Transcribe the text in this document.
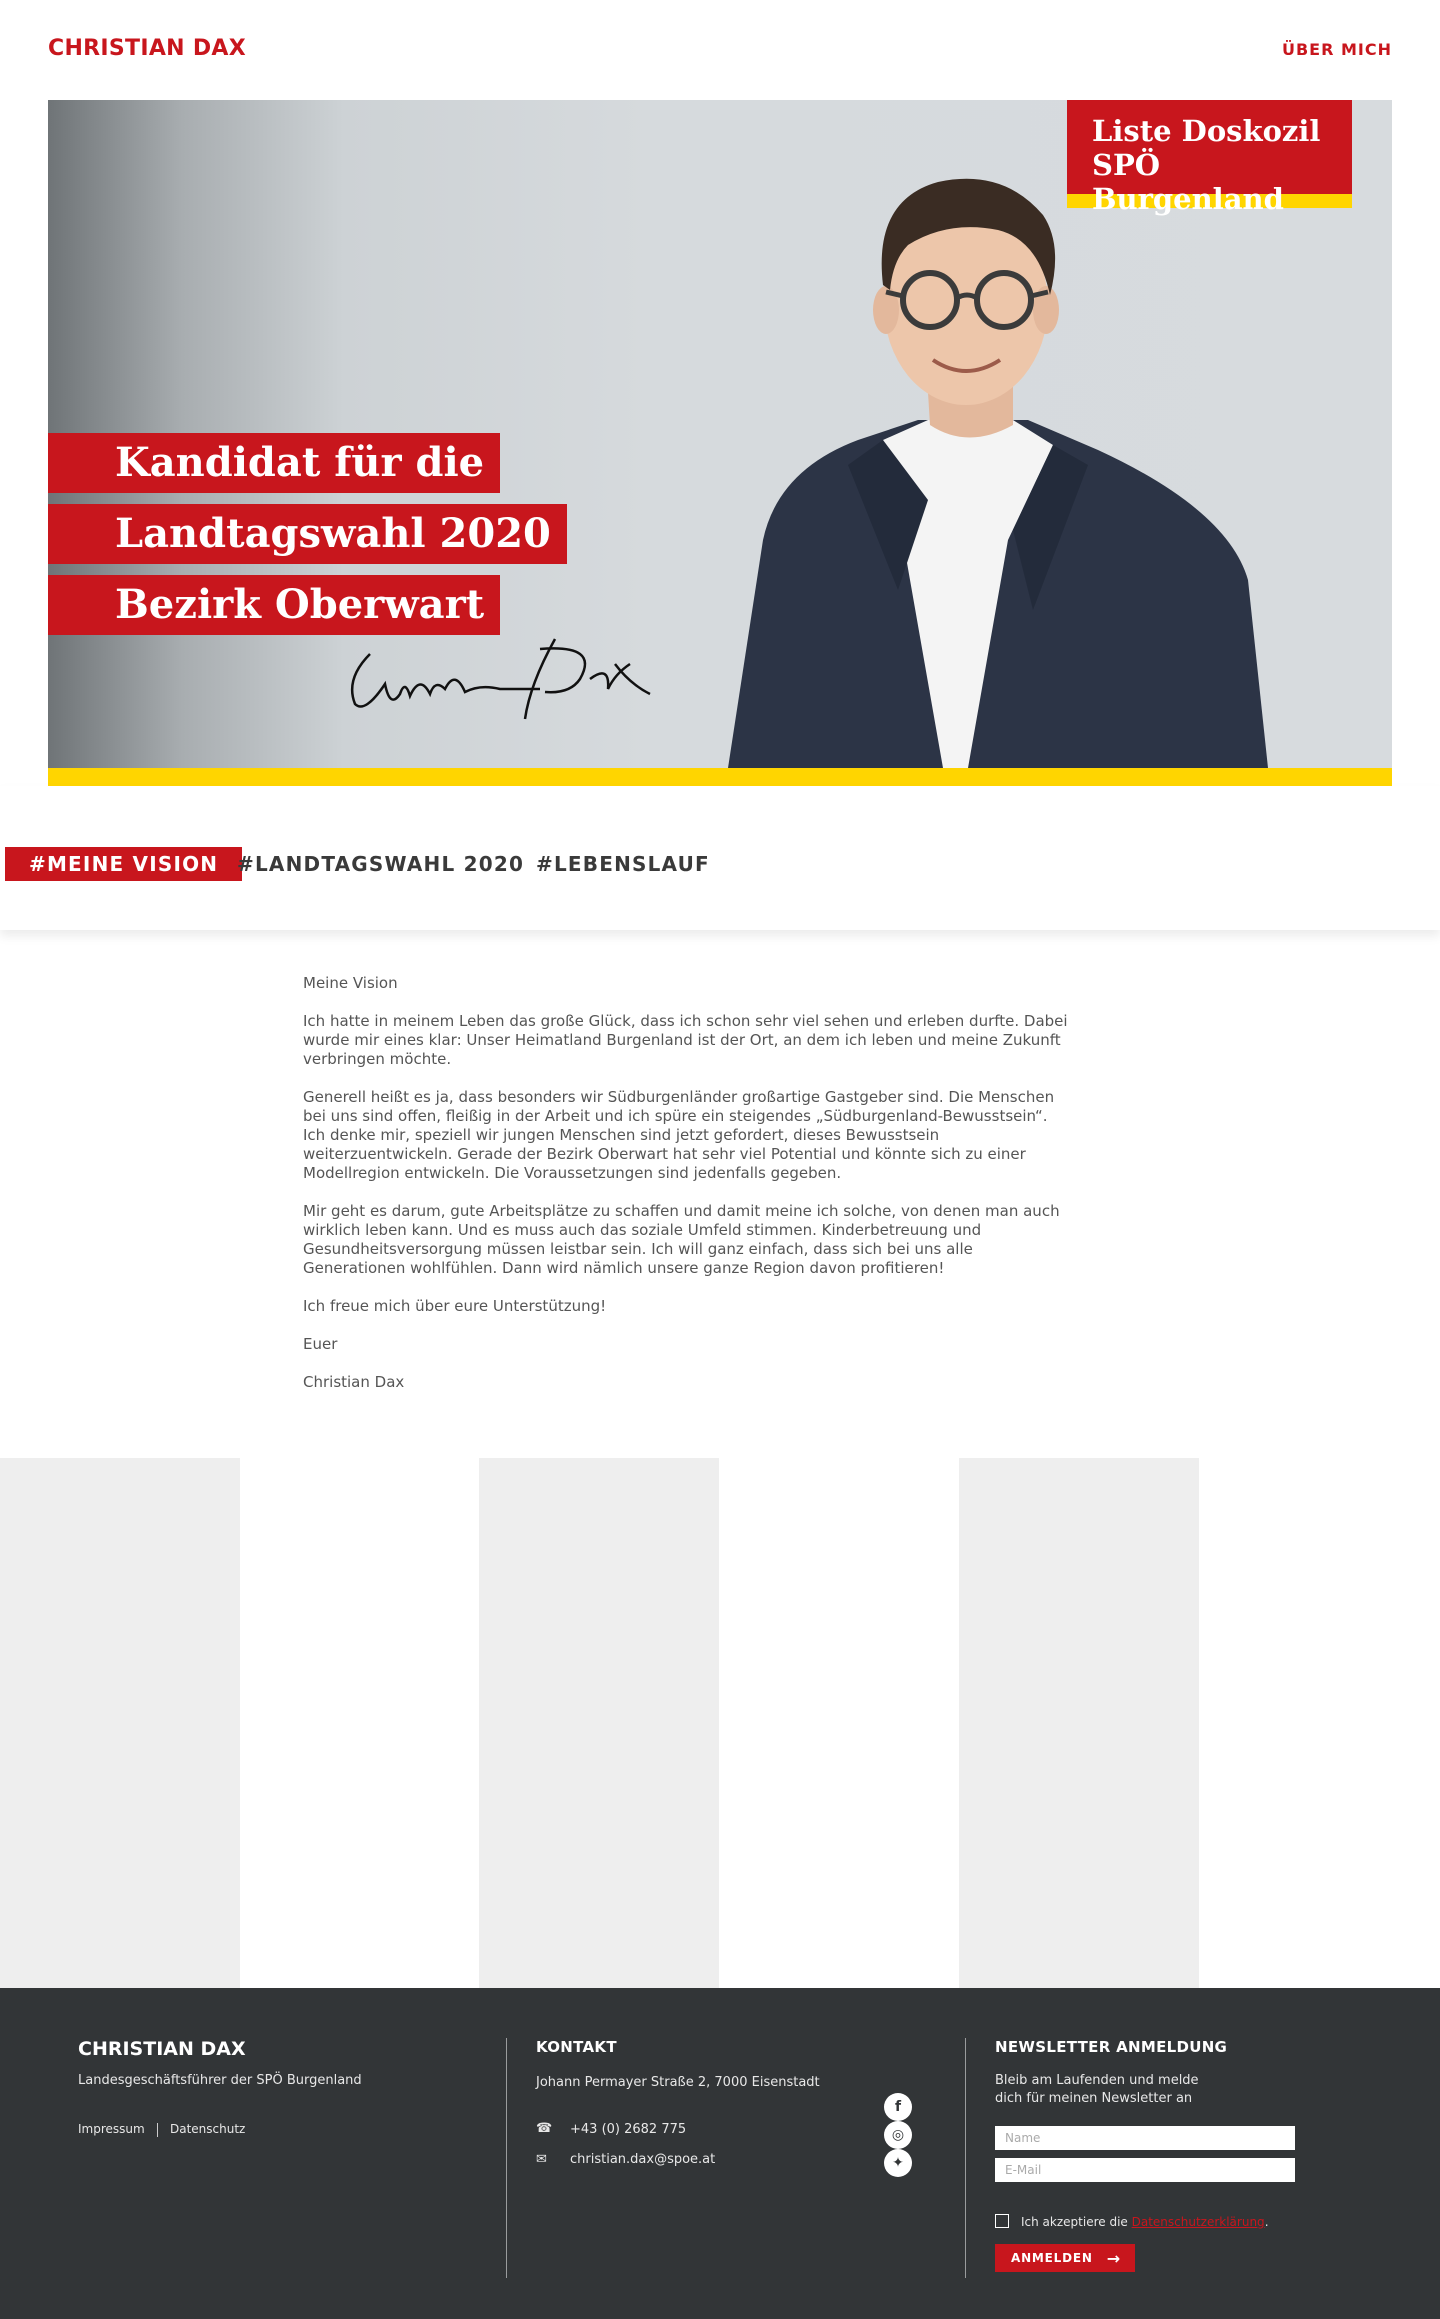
CHRISTIAN DAX	ÜBER MICH
Kandidat für die
Landtagswahl 2020
Bezirk Oberwart
Liste Doskozil
SPÖ Burgenland
#MEINE VISION #LANDTAGSWAHL 2020 #LEBENSLAUF

Meine Vision

Ich hatte in meinem Leben das große Glück, dass ich schon sehr viel sehen und erleben durfte. Dabei wurde mir eines klar: Unser Heimatland Burgenland ist der Ort, an dem ich leben und meine Zukunft verbringen möchte.

Generell heißt es ja, dass besonders wir Südburgenländer großartige Gastgeber sind. Die Menschen bei uns sind offen, fleißig in der Arbeit und ich spüre ein steigendes „Südburgenland-Bewusstsein“. Ich denke mir, speziell wir jungen Menschen sind jetzt gefordert, dieses Bewusstsein weiterzuentwickeln. Gerade der Bezirk Oberwart hat sehr viel Potential und könnte sich zu einer Modellregion entwickeln. Die Voraussetzungen sind jedenfalls gegeben.

Mir geht es darum, gute Arbeitsplätze zu schaffen und damit meine ich solche, von denen man auch wirklich leben kann. Und es muss auch das soziale Umfeld stimmen. Kinderbetreuung und Gesundheitsversorgung müssen leistbar sein. Ich will ganz einfach, dass sich bei uns alle Generationen wohlfühlen. Dann wird nämlich unsere ganze Region davon profitieren!

Ich freue mich über eure Unterstützung!

Euer

Christian Dax

CHRISTIAN DAX
Landesgeschäftsführer der SPÖ Burgenland
Impressum Datenschutz
KONTAKT
Johann Permayer Straße 2, 7000 Eisenstadt
☎ +43 (0) 2682 775
✉ christian.dax@spoe.at
f
◎
✦
NEWSLETTER ANMELDUNG
Bleib am Laufenden und melde
dich für meinen Newsletter an
Name
E-Mail
Ich akzeptiere die Datenschutzerklärung.
ANMELDEN →
